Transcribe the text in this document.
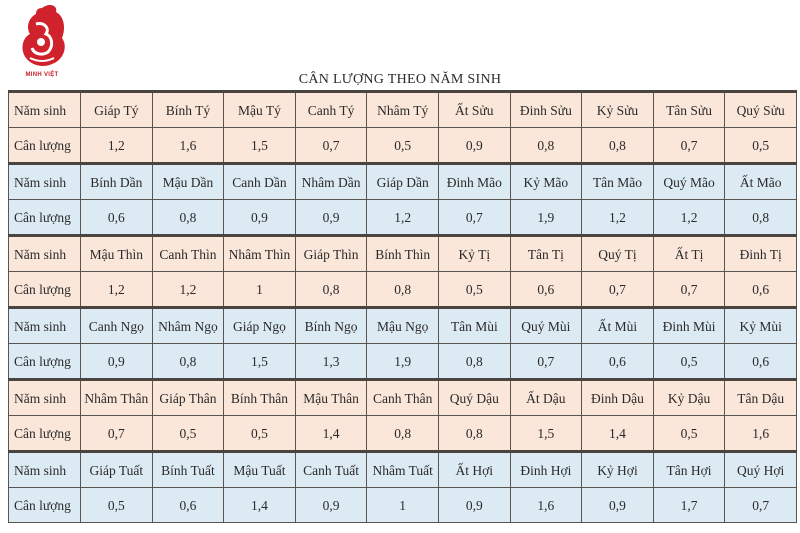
MINH VIỆT	CÂN LƯỢNG THEO NĂM SINH
Năm sinh	Giáp Tý	Bính Tý	Mậu Tý	Canh Tý	Nhâm Tý	Ất Sửu	Đinh Sửu	Kỷ Sửu	Tân Sửu	Quý Sửu
Cân lượng	1,2	1,6	1,5	0,7	0,5	0,9	0,8	0,8	0,7	0,5
Năm sinh	Bính Dần	Mậu Dần	Canh Dần	Nhâm Dần	Giáp Dần	Đinh Mão	Kỷ Mão	Tân Mão	Quý Mão	Ất Mão
Cân lượng	0,6	0,8	0,9	0,9	1,2	0,7	1,9	1,2	1,2	0,8
Năm sinh	Mậu Thìn	Canh Thìn	Nhâm Thìn	Giáp Thìn	Bính Thìn	Kỷ Tị	Tân Tị	Quý Tị	Ất Tị	Đinh Tị
Cân lượng	1,2	1,2	1	0,8	0,8	0,5	0,6	0,7	0,7	0,6
Năm sinh	Canh Ngọ	Nhâm Ngọ	Giáp Ngọ	Bính Ngọ	Mậu Ngọ	Tân Mùi	Quý Mùi	Ất Mùi	Đinh Mùi	Kỷ Mùi
Cân lượng	0,9	0,8	1,5	1,3	1,9	0,8	0,7	0,6	0,5	0,6
Năm sinh	Nhâm Thân	Giáp Thân	Bính Thân	Mậu Thân	Canh Thân	Quý Dậu	Ất Dậu	Đinh Dậu	Kỷ Dậu	Tân Dậu
Cân lượng	0,7	0,5	0,5	1,4	0,8	0,8	1,5	1,4	0,5	1,6
Năm sinh	Giáp Tuất	Bính Tuất	Mậu Tuất	Canh Tuất	Nhâm Tuất	Ất Hợi	Đinh Hợi	Kỷ Hợi	Tân Hợi	Quý Hợi
Cân lượng	0,5	0,6	1,4	0,9	1	0,9	1,6	0,9	1,7	0,7
